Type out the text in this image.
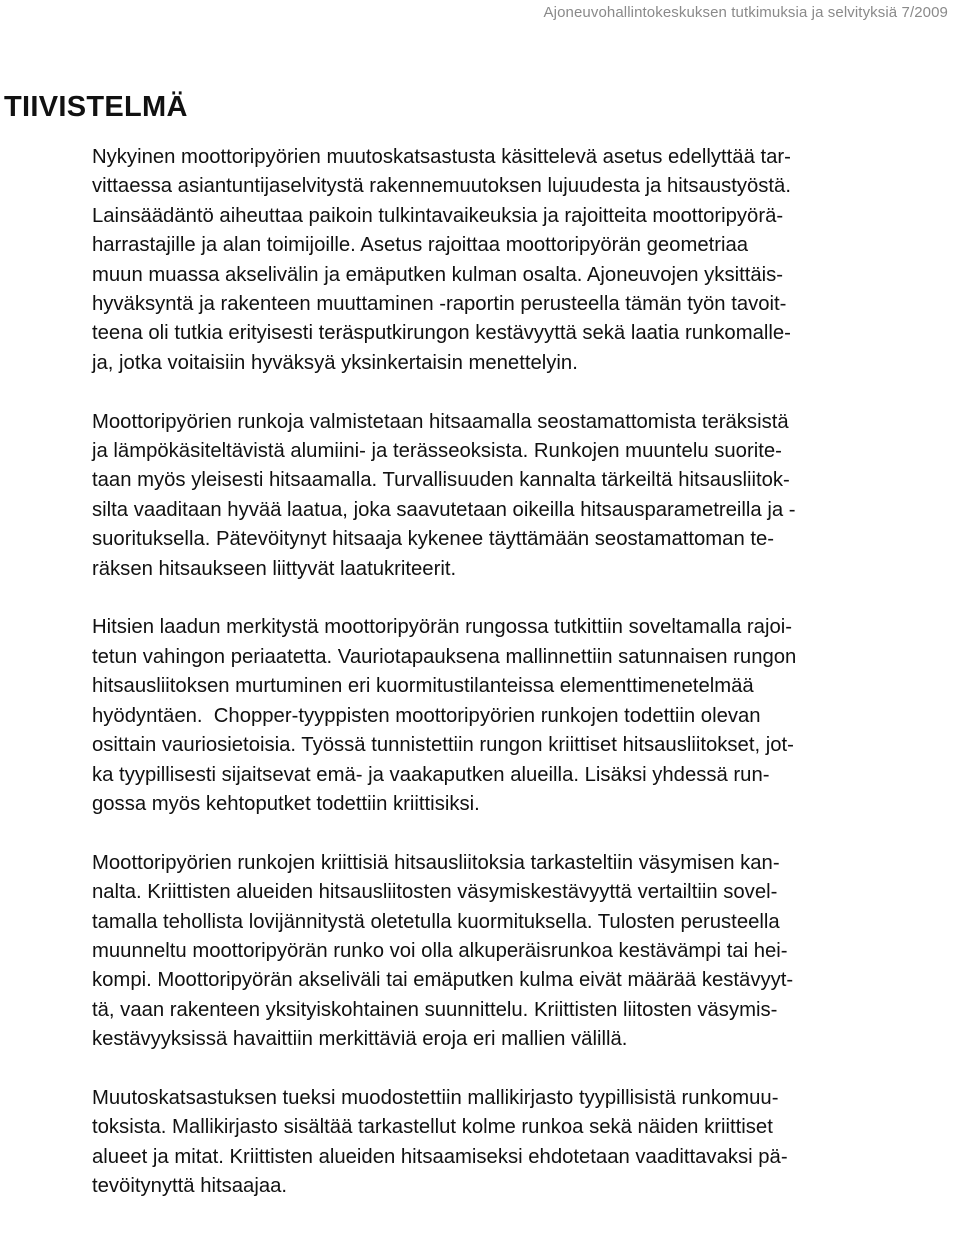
Ajoneuvohallintokeskuksen tutkimuksia ja selvityksiä 7/2009
TIIVISTELMÄ

Nykyinen moottoripyörien muutoskatsastusta käsittelevä asetus edellyttää tar-
vittaessa asiantuntijaselvitystä rakennemuutoksen lujuudesta ja hitsaustyöstä.
Lainsäädäntö aiheuttaa paikoin tulkintavaikeuksia ja rajoitteita moottoripyörä-
harrastajille ja alan toimijoille. Asetus rajoittaa moottoripyörän geometriaa
muun muassa akselivälin ja emäputken kulman osalta. Ajoneuvojen yksittäis-
hyväksyntä ja rakenteen muuttaminen -raportin perusteella tämän työn tavoit-
teena oli tutkia erityisesti teräsputkirungon kestävyyttä sekä laatia runkomalle-
ja, jotka voitaisiin hyväksyä yksinkertaisin menettelyin.

Moottoripyörien runkoja valmistetaan hitsaamalla seostamattomista teräksistä
ja lämpökäsiteltävistä alumiini- ja terässeoksista. Runkojen muuntelu suorite-
taan myös yleisesti hitsaamalla. Turvallisuuden kannalta tärkeiltä hitsausliitok-
silta vaaditaan hyvää laatua, joka saavutetaan oikeilla hitsausparametreilla ja -
suorituksella. Pätevöitynyt hitsaaja kykenee täyttämään seostamattoman te-
räksen hitsaukseen liittyvät laatukriteerit.

Hitsien laadun merkitystä moottoripyörän rungossa tutkittiin soveltamalla rajoi-
tetun vahingon periaatetta. Vauriotapauksena mallinnettiin satunnaisen rungon
hitsausliitoksen murtuminen eri kuormitustilanteissa elementtimenetelmää
hyödyntäen.  Chopper-tyyppisten moottoripyörien runkojen todettiin olevan
osittain vauriosietoisia. Työssä tunnistettiin rungon kriittiset hitsausliitokset, jot-
ka tyypillisesti sijaitsevat emä- ja vaakaputken alueilla. Lisäksi yhdessä run-
gossa myös kehtoputket todettiin kriittisiksi.

Moottoripyörien runkojen kriittisiä hitsausliitoksia tarkasteltiin väsymisen kan-
nalta. Kriittisten alueiden hitsausliitosten väsymiskestävyyttä vertailtiin sovel-
tamalla tehollista lovijännitystä oletetulla kuormituksella. Tulosten perusteella
muunneltu moottoripyörän runko voi olla alkuperäisrunkoa kestävämpi tai hei-
kompi. Moottoripyörän akseliväli tai emäputken kulma eivät määrää kestävyyt-
tä, vaan rakenteen yksityiskohtainen suunnittelu. Kriittisten liitosten väsymis-
kestävyyksissä havaittiin merkittäviä eroja eri mallien välillä.

Muutoskatsastuksen tueksi muodostettiin mallikirjasto tyypillisistä runkomuu-
toksista. Mallikirjasto sisältää tarkastellut kolme runkoa sekä näiden kriittiset
alueet ja mitat. Kriittisten alueiden hitsaamiseksi ehdotetaan vaadittavaksi pä-
tevöitynyttä hitsaajaa.
